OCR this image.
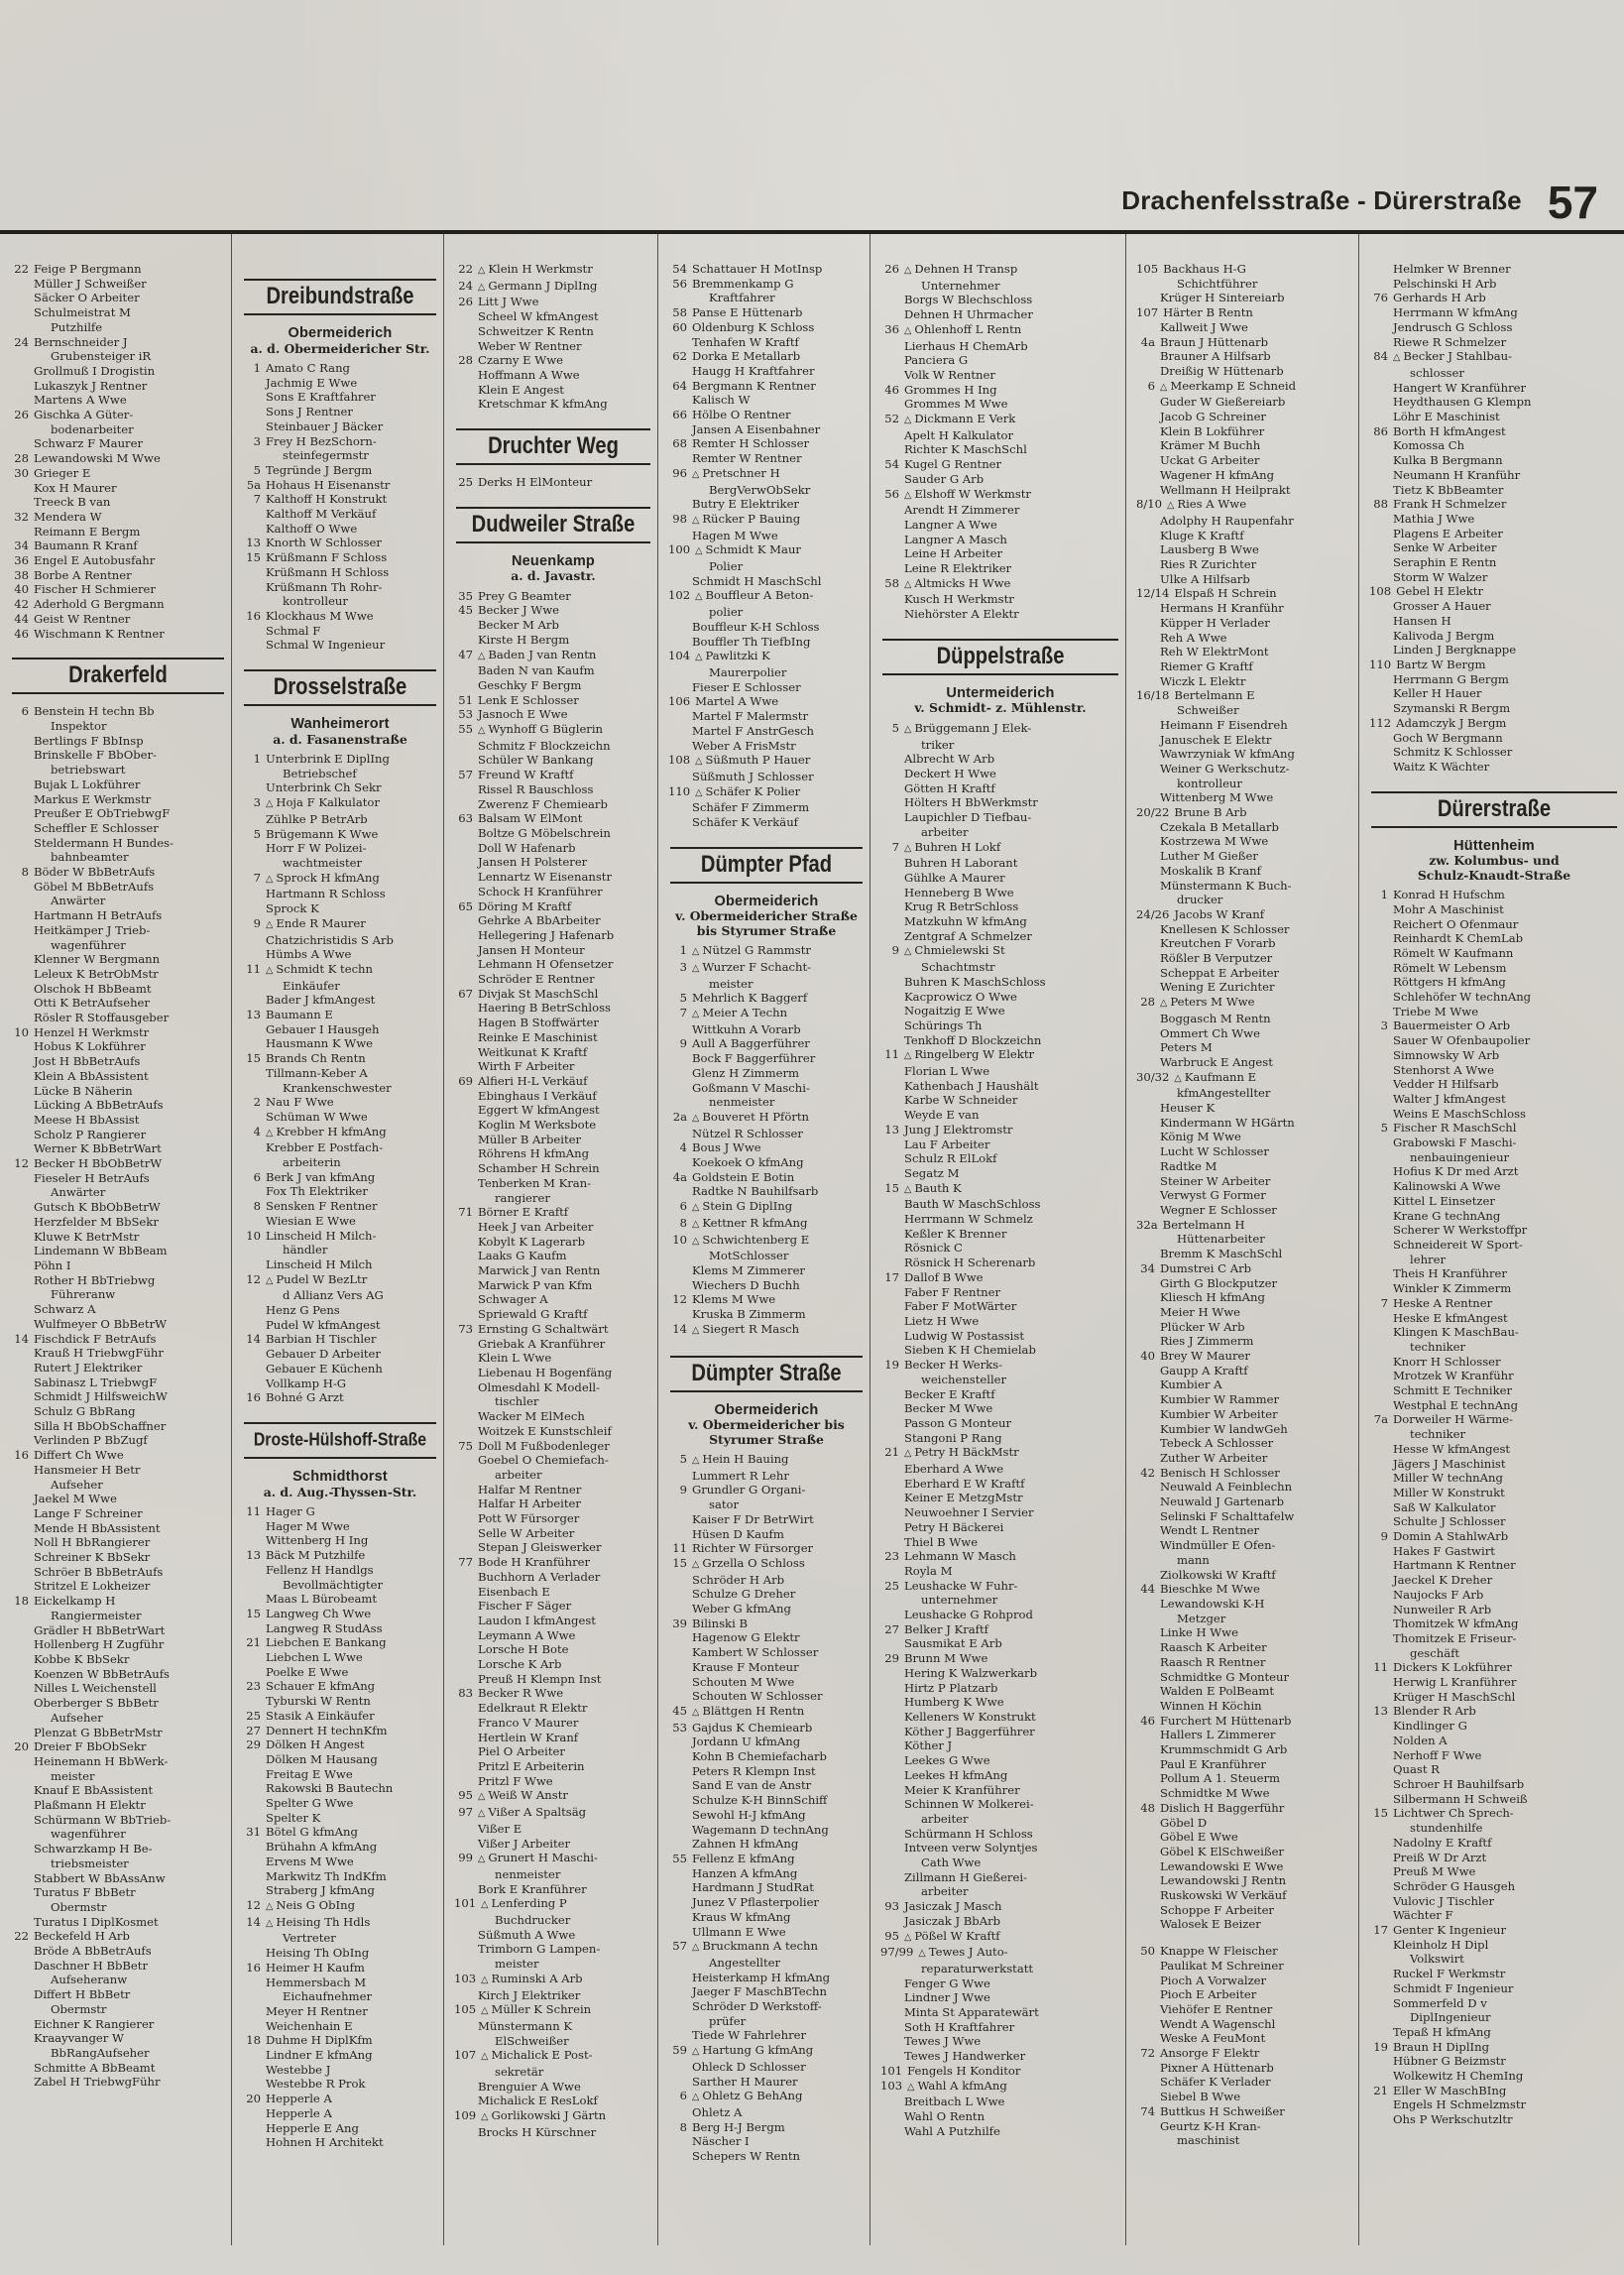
Drachenfelsstraße - Dürerstraße 57
22 Feige P Bergmann
Müller J Schweißer
Säcker O Arbeiter
Schulmeistrat M
Putzhilfe
24 Bernschneider J
Grubensteiger iR
Grollmuß I Drogistin
Lukaszyk J Rentner
Martens A Wwe
26 Gischka A Güter-
bodenarbeiter
Schwarz F Maurer
28 Lewandowski M Wwe
30 Grieger E
Kox H Maurer
Treeck B van
32 Mendera W
Reimann E Bergm
34 Baumann R Kranf
36 Engel E Autobusfahr
38 Borbe A Rentner
40 Fischer H Schmierer
42 Aderhold G Bergmann
44 Geist W Rentner
46 Wischmann K Rentner
Drakerfeld
6 Benstein H techn Bb
Inspektor
Bertlings F BbInsp
Brinskelle F BbOber-
betriebswart
Bujak L Lokführer
Markus E Werkmstr
Preußer E ObTriebwgF
Scheffler E Schlosser
Steldermann H Bundes-
bahnbeamter
8 Böder W BbBetrAufs
Göbel M BbBetrAufs
Anwärter
Hartmann H BetrAufs
Heitkämper J Trieb-
wagenführer
Klenner W Bergmann
Leleux K BetrObMstr
Olschok H BbBeamt
Otti K BetrAufseher
Rösler R Stoffausgeber
10 Henzel H Werkmstr
Hobus K Lokführer
Jost H BbBetrAufs
Klein A BbAssistent
Lücke B Näherin
Lücking A BbBetrAufs
Meese H BbAssist
Scholz P Rangierer
Werner K BbBetrWart
12 Becker H BbObBetrW
Fieseler H BetrAufs
Anwärter
Gutsch K BbObBetrW
Herzfelder M BbSekr
Kluwe K BetrMstr
Lindemann W BbBeam
Pöhn I
Rother H BbTriebwg
Führeranw
Schwarz A
Wulfmeyer O BbBetrW
14 Fischdick F BetrAufs
Krauß H TriebwgFühr
Rutert J Elektriker
Sabinasz L TriebwgF
Schmidt J HilfsweichW
Schulz G BbRang
Silla H BbObSchaffner
Verlinden P BbZugf
16 Differt Ch Wwe
Hansmeier H Betr
Aufseher
Jaekel M Wwe
Lange F Schreiner
Mende H BbAssistent
Noll H BbRangierer
Schreiner K BbSekr
Schröer B BbBetrAufs
Stritzel E Lokheizer
18 Eickelkamp H
Rangiermeister
Grädler H BbBetrWart
Hollenberg H Zugführ
Kobbe K BbSekr
Koenzen W BbBetrAufs
Nilles L Weichenstell
Oberberger S BbBetr
Aufseher
Plenzat G BbBetrMstr
20 Dreier F BbObSekr
Heinemann H BbWerk-
meister
Knauf E BbAssistent
Plaßmann H Elektr
Schürmann W BbTrieb-
wagenführer
Schwarzkamp H Be-
triebsmeister
Stabbert W BbAssAnw
Turatus F BbBetr
Obermstr
Turatus I DiplKosmet
22 Beckefeld H Arb
Bröde A BbBetrAufs
Daschner H BbBetr
Aufseheranw
Differt H BbBetr
Obermstr
Eichner K Rangierer
Kraayvanger W
BbRangAufseher
Schmitte A BbBeamt
Zabel H TriebwgFühr
Dreibundstraße
Obermeiderich
a. d. Obermeidericher Str.
1 Amato C Rang
Jachmig E Wwe
Sons E Kraftfahrer
Sons J Rentner
Steinbauer J Bäcker
3 Frey H BezSchorn-
steinfegermstr
5 Tegründe J Bergm
5a Hohaus H Eisenanstr
7 Kalthoff H Konstrukt
Kalthoff M Verkäuf
Kalthoff O Wwe
13 Knorth W Schlosser
15 Krüßmann F Schloss
Krüßmann H Schloss
Krüßmann Th Rohr-
kontrolleur
16 Klockhaus M Wwe
Schmal F
Schmal W Ingenieur
Drosselstraße
Wanheimerort
a. d. Fasanenstraße
1 Unterbrink E DiplIng
Betriebschef
Unterbrink Ch Sekr
3 △ Hoja F Kalkulator
Zühlke P BetrArb
5 Brügemann K Wwe
Horr F W Polizei-
wachtmeister
7 △ Sprock H kfmAng
Hartmann R Schloss
Sprock K
9 △ Ende R Maurer
Chatzichristidis S Arb
Hümbs A Wwe
11 △ Schmidt K techn
Einkäufer
Bader J kfmAngest
13 Baumann E
Gebauer I Hausgeh
Hausmann K Wwe
15 Brands Ch Rentn
Tillmann-Keber A
Krankenschwester
2 Nau F Wwe
Schüman W Wwe
4 △ Krebber H kfmAng
Krebber E Postfach-
arbeiterin
6 Berk J van kfmAng
Fox Th Elektriker
8 Sensken F Rentner
Wiesian E Wwe
10 Linscheid H Milch-
händler
Linscheid H Milch
12 △ Pudel W BezLtr
d Allianz Vers AG
Henz G Pens
Pudel W kfmAngest
14 Barbian H Tischler
Gebauer D Arbeiter
Gebauer E Küchenh
Vollkamp H-G
16 Bohné G Arzt
Droste-Hülshoff-Straße
Schmidthorst
a. d. Aug.-Thyssen-Str.
11 Hager G
Hager M Wwe
Wittenberg H Ing
13 Bäck M Putzhilfe
Fellenz H Handlgs
Bevollmächtigter
Maas L Bürobeamt
15 Langweg Ch Wwe
Langweg R StudAss
21 Liebchen E Bankang
Liebchen L Wwe
Poelke E Wwe
23 Schauer E kfmAng
Tyburski W Rentn
25 Stasik A Einkäufer
27 Dennert H technKfm
29 Dölken H Angest
Dölken M Hausang
Freitag E Wwe
Rakowski B Bautechn
Spelter G Wwe
Spelter K
31 Bötel G kfmAng
Brühahn A kfmAng
Ervens M Wwe
Markwitz Th IndKfm
Straberg J kfmAng
12 △ Neis G ObIng
14 △ Heising Th Hdls
Vertreter
Heising Th ObIng
16 Heimer H Kaufm
Hemmersbach M
Eichaufnehmer
Meyer H Rentner
Weichenhain E
18 Duhme H DiplKfm
Lindner E kfmAng
Westebbe J
Westebbe R Prok
20 Hepperle A
Hepperle A
Hepperle E Ang
Hohnen H Architekt
22 △ Klein H Werkmstr
24 △ Germann J DiplIng
26 Litt J Wwe
Scheel W kfmAngest
Schweitzer K Rentn
Weber W Rentner
28 Czarny E Wwe
Hoffmann A Wwe
Klein E Angest
Kretschmar K kfmAng
Druchter Weg
25 Derks H ElMonteur
Dudweiler Straße
Neuenkamp
a. d. Javastr.
35 Prey G Beamter
45 Becker J Wwe
Becker M Arb
Kirste H Bergm
47 △ Baden J van Rentn
Baden N van Kaufm
Geschky F Bergm
51 Lenk E Schlosser
53 Jasnoch E Wwe
55 △ Wynhoff G Büglerin
Schmitz F Blockzeichn
Schüler W Bankang
57 Freund W Kraftf
Rissel R Bauschloss
Zwerenz F Chemiearb
63 Balsam W ElMont
Boltze G Möbelschrein
Doll W Hafenarb
Jansen H Polsterer
Lennartz W Eisenanstr
Schock H Kranführer
65 Döring M Kraftf
Gehrke A BbArbeiter
Hellegering J Hafenarb
Jansen H Monteur
Lehmann H Ofensetzer
Schröder E Rentner
67 Divjak St MaschSchl
Haering B BetrSchloss
Hagen B Stoffwärter
Reinke E Maschinist
Weitkunat K Kraftf
Wirth F Arbeiter
69 Alfieri H-L Verkäuf
Ebinghaus I Verkäuf
Eggert W kfmAngest
Koglin M Werksbote
Müller B Arbeiter
Röhrens H kfmAng
Schamber H Schrein
Tenberken M Kran-
rangierer
71 Börner E Kraftf
Heek J van Arbeiter
Kobylt K Lagerarb
Laaks G Kaufm
Marwick J van Rentn
Marwick P van Kfm
Schwager A
Spriewald G Kraftf
73 Ernsting G Schaltwärt
Griebak A Kranführer
Klein L Wwe
Liebenau H Bogenfäng
Olmesdahl K Modell-
tischler
Wacker M ElMech
Woitzek E Kunstschleif
75 Doll M Fußbodenleger
Goebel O Chemiefach-
arbeiter
Halfar M Rentner
Halfar H Arbeiter
Pott W Fürsorger
Selle W Arbeiter
Stepan J Gleiswerker
77 Bode H Kranführer
Buchhorn A Verlader
Eisenbach E
Fischer F Säger
Laudon I kfmAngest
Leymann A Wwe
Lorsche H Bote
Lorsche K Arb
Preuß H Klempn Inst
83 Becker R Wwe
Edelkraut R Elektr
Franco V Maurer
Hertlein W Kranf
Piel O Arbeiter
Pritzl E Arbeiterin
Pritzl F Wwe
95 △ Weiß W Anstr
97 △ Vißer A Spaltsäg
Vißer E
Vißer J Arbeiter
99 △ Grunert H Maschi-
nenmeister
Bork E Kranführer
101 △ Lenferding P
Buchdrucker
Süßmuth A Wwe
Trimborn G Lampen-
meister
103 △ Ruminski A Arb
Kirch J Elektriker
105 △ Müller K Schrein
Münstermann K
ElSchweißer
107 △ Michalick E Post-
sekretär
Brenguier A Wwe
Michalick E ResLokf
109 △ Gorlikowski J Gärtn
Brocks H Kürschner
54 Schattauer H MotInsp
56 Bremmenkamp G
Kraftfahrer
58 Panse E Hüttenarb
60 Oldenburg K Schloss
Tenhafen W Kraftf
62 Dorka E Metallarb
Haugg H Kraftfahrer
64 Bergmann K Rentner
Kalisch W
66 Hölbe O Rentner
Jansen A Eisenbahner
68 Remter H Schlosser
Remter W Rentner
96 △ Pretschner H
BergVerwObSekr
Butry E Elektriker
98 △ Rücker P Bauing
Hagen M Wwe
100 △ Schmidt K Maur
Polier
Schmidt H MaschSchl
102 △ Bouffleur A Beton-
polier
Bouffleur K-H Schloss
Bouffler Th TiefbIng
104 △ Pawlitzki K
Maurerpolier
Fieser E Schlosser
106 Martel A Wwe
Martel F Malermstr
Martel F AnstrGesch
Weber A FrisMstr
108 △ Süßmuth P Hauer
Süßmuth J Schlosser
110 △ Schäfer K Polier
Schäfer F Zimmerm
Schäfer K Verkäuf
Dümpter Pfad
Obermeiderich
v. Obermeidericher Straße
bis Styrumer Straße
1 △ Nützel G Rammstr
3 △ Wurzer F Schacht-
meister
5 Mehrlich K Baggerf
7 △ Meier A Techn
Wittkuhn A Vorarb
9 Aull A Baggerführer
Bock F Baggerführer
Glenz H Zimmerm
Goßmann V Maschi-
nenmeister
2a △ Bouveret H Pförtn
Nützel R Schlosser
4 Bous J Wwe
Koekoek O kfmAng
4a Goldstein E Botin
Radtke N Bauhilfsarb
6 △ Stein G DiplIng
8 △ Kettner R kfmAng
10 △ Schwichtenberg E
MotSchlosser
Klems M Zimmerer
Wiechers D Buchh
12 Klems M Wwe
Kruska B Zimmerm
14 △ Siegert R Masch
Dümpter Straße
Obermeiderich
v. Obermeidericher bis
Styrumer Straße
5 △ Hein H Bauing
Lummert R Lehr
9 Grundler G Organi-
sator
Kaiser F Dr BetrWirt
Hüsen D Kaufm
11 Richter W Fürsorger
15 △ Grzella O Schloss
Schröder H Arb
Schulze G Dreher
Weber G kfmAng
39 Bilinski B
Hagenow G Elektr
Kambert W Schlosser
Krause F Monteur
Schouten M Wwe
Schouten W Schlosser
45 △ Blättgen H Rentn
53 Gajdus K Chemiearb
Jordann U kfmAng
Kohn B Chemiefacharb
Peters R Klempn Inst
Sand E van de Anstr
Schulze K-H BinnSchiff
Sewohl H-J kfmAng
Wagemann D technAng
Zahnen H kfmAng
55 Fellenz E kfmAng
Hanzen A kfmAng
Hardmann J StudRat
Junez V Pflasterpolier
Kraus W kfmAng
Ullmann E Wwe
57 △ Bruckmann A techn
Angestellter
Heisterkamp H kfmAng
Jaeger F MaschBTechn
Schröder D Werkstoff-
prüfer
Tiede W Fahrlehrer
59 △ Hartung G kfmAng
Ohleck D Schlosser
Sarther H Maurer
6 △ Ohletz G BehAng
Ohletz A
8 Berg H-J Bergm
Näscher I
Schepers W Rentn
26 △ Dehnen H Transp
Unternehmer
Borgs W Blechschloss
Dehnen H Uhrmacher
36 △ Ohlenhoff L Rentn
Lierhaus H ChemArb
Panciera G
Volk W Rentner
46 Grommes H Ing
Grommes M Wwe
52 △ Dickmann E Verk
Apelt H Kalkulator
Richter K MaschSchl
54 Kugel G Rentner
Sauder G Arb
56 △ Elshoff W Werkmstr
Arendt H Zimmerer
Langner A Wwe
Langner A Masch
Leine H Arbeiter
Leine R Elektriker
58 △ Altmicks H Wwe
Kusch H Werkmstr
Niehörster A Elektr
Düppelstraße
Untermeiderich
v. Schmidt- z. Mühlenstr.
5 △ Brüggemann J Elek-
triker
Albrecht W Arb
Deckert H Wwe
Götten H Kraftf
Hölters H BbWerkmstr
Laupichler D Tiefbau-
arbeiter
7 △ Buhren H Lokf
Buhren H Laborant
Gühlke A Maurer
Henneberg B Wwe
Krug R BetrSchloss
Matzkuhn W kfmAng
Zentgraf A Schmelzer
9 △ Chmielewski St
Schachtmstr
Buhren K MaschSchloss
Kacprowicz O Wwe
Nogaitzig E Wwe
Schürings Th
Tenkhoff D Blockzeichn
11 △ Ringelberg W Elektr
Florian L Wwe
Kathenbach J Haushält
Karbe W Schneider
Weyde E van
13 Jung J Elektromstr
Lau F Arbeiter
Schulz R ElLokf
Segatz M
15 △ Bauth K
Bauth W MaschSchloss
Herrmann W Schmelz
Keßler K Brenner
Rösnick C
Rösnick H Scherenarb
17 Dallof B Wwe
Faber F Rentner
Faber F MotWärter
Lietz H Wwe
Ludwig W Postassist
Sieben K H Chemielab
19 Becker H Werks-
weichensteller
Becker E Kraftf
Becker M Wwe
Passon G Monteur
Stangoni P Rang
21 △ Petry H BäckMstr
Eberhard A Wwe
Eberhard E W Kraftf
Keiner E MetzgMstr
Neuwoehner I Servier
Petry H Bäckerei
Thiel B Wwe
23 Lehmann W Masch
Royla M
25 Leushacke W Fuhr-
unternehmer
Leushacke G Rohprod
27 Belker J Kraftf
Sausmikat E Arb
29 Brunn M Wwe
Hering K Walzwerkarb
Hirtz P Platzarb
Humberg K Wwe
Kelleners W Konstrukt
Köther J Baggerführer
Köther J
Leekes G Wwe
Leekes H kfmAng
Meier K Kranführer
Schinnen W Molkerei-
arbeiter
Schürmann H Schloss
Intveen verw Solyntjes
Cath Wwe
Zillmann H Gießerei-
arbeiter
93 Jasiczak J Masch
Jasiczak J BbArb
95 △ Pößel W Kraftf
97/99 △ Tewes J Auto-
reparaturwerkstatt
Fenger G Wwe
Lindner J Wwe
Minta St Apparatewärt
Soth H Kraftfahrer
Tewes J Wwe
Tewes J Handwerker
101 Fengels H Konditor
103 △ Wahl A kfmAng
Breitbach L Wwe
Wahl O Rentn
Wahl A Putzhilfe
105 Backhaus H-G
Schichtführer
Krüger H Sintereiarb
107 Härter B Rentn
Kallweit J Wwe
4a Braun J Hüttenarb
Brauner A Hilfsarb
Dreißig W Hüttenarb
6 △ Meerkamp E Schneid
Guder W Gießereiarb
Jacob G Schreiner
Klein B Lokführer
Krämer M Buchh
Uckat G Arbeiter
Wagener H kfmAng
Wellmann H Heilprakt
8/10 △ Ries A Wwe
Adolphy H Raupenfahr
Kluge K Kraftf
Lausberg B Wwe
Ries R Zurichter
Ulke A Hilfsarb
12/14 Elspaß H Schrein
Hermans H Kranführ
Küpper H Verlader
Reh A Wwe
Reh W ElektrMont
Riemer G Kraftf
Wiczk L Elektr
16/18 Bertelmann E
Schweißer
Heimann F Eisendreh
Januschek E Elektr
Wawrzyniak W kfmAng
Weiner G Werkschutz-
kontrolleur
Wittenberg M Wwe
20/22 Brune B Arb
Czekala B Metallarb
Kostrzewa M Wwe
Luther M Gießer
Moskalik B Kranf
Münstermann K Buch-
drucker
24/26 Jacobs W Kranf
Knellesen K Schlosser
Kreutchen F Vorarb
Rößler B Verputzer
Scheppat E Arbeiter
Wening E Zurichter
28 △ Peters M Wwe
Boggasch M Rentn
Ommert Ch Wwe
Peters M
Warbruck E Angest
30/32 △ Kaufmann E
kfmAngestellter
Heuser K
Kindermann W HGärtn
König M Wwe
Lucht W Schlosser
Radtke M
Steiner W Arbeiter
Verwyst G Former
Wegner E Schlosser
32a Bertelmann H
Hüttenarbeiter
Bremm K MaschSchl
34 Dumstrei C Arb
Girth G Blockputzer
Kliesch H kfmAng
Meier H Wwe
Plücker W Arb
Ries J Zimmerm
40 Brey W Maurer
Gaupp A Kraftf
Kumbier A
Kumbier W Rammer
Kumbier W Arbeiter
Kumbier W landwGeh
Tebeck A Schlosser
Zuther W Arbeiter
42 Benisch H Schlosser
Neuwald A Feinblechn
Neuwald J Gartenarb
Selinski F Schalttafelw
Wendt L Rentner
Windmüller E Ofen-
mann
Ziolkowski W Kraftf
44 Bieschke M Wwe
Lewandowski K-H
Metzger
Linke H Wwe
Raasch K Arbeiter
Raasch R Rentner
Schmidtke G Monteur
Walden E PolBeamt
Winnen H Köchin
46 Furchert M Hüttenarb
Hallers L Zimmerer
Krummschmidt G Arb
Paul E Kranführer
Pollum A 1. Steuerm
Schmidtke M Wwe
48 Dislich H Baggerführ
Göbel D
Göbel E Wwe
Göbel K ElSchweißer
Lewandowski E Wwe
Lewandowski J Rentn
Ruskowski W Verkäuf
Schoppe F Arbeiter
Walosek E Beizer
50 Knappe W Fleischer
Paulikat M Schreiner
Pioch A Vorwalzer
Pioch E Arbeiter
Viehöfer E Rentner
Wendt A Wagenschl
Weske A FeuMont
72 Ansorge F Elektr
Pixner A Hüttenarb
Schäfer K Verlader
Siebel B Wwe
74 Buttkus H Schweißer
Geurtz K-H Kran-
maschinist
Helmker W Brenner
Pelschinski H Arb
76 Gerhards H Arb
Herrmann W kfmAng
Jendrusch G Schloss
Riewe R Schmelzer
84 △ Becker J Stahlbau-
schlosser
Hangert W Kranführer
Heydthausen G Klempn
Löhr E Maschinist
86 Borth H kfmAngest
Komossa Ch
Kulka B Bergmann
Neumann H Kranführ
Tietz K BbBeamter
88 Frank H Schmelzer
Mathia J Wwe
Plagens E Arbeiter
Senke W Arbeiter
Seraphin E Rentn
Storm W Walzer
108 Gebel H Elektr
Grosser A Hauer
Hansen H
Kalivoda J Bergm
Linden J Bergknappe
110 Bartz W Bergm
Herrmann G Bergm
Keller H Hauer
Szymanski R Bergm
112 Adamczyk J Bergm
Goch W Bergmann
Schmitz K Schlosser
Waitz K Wächter
Dürerstraße
Hüttenheim
zw. Kolumbus- und
Schulz-Knaudt-Straße
1 Konrad H Hufschm
Mohr A Maschinist
Reichert O Ofenmaur
Reinhardt K ChemLab
Römelt W Kaufmann
Römelt W Lebensm
Röttgers H kfmAng
Schlehöfer W technAng
Triebe M Wwe
3 Bauermeister O Arb
Sauer W Ofenbaupolier
Simnowsky W Arb
Stenhorst A Wwe
Vedder H Hilfsarb
Walter J kfmAngest
Weins E MaschSchloss
5 Fischer R MaschSchl
Grabowski F Maschi-
nenbauingenieur
Hofius K Dr med Arzt
Kalinowski A Wwe
Kittel L Einsetzer
Krane G technAng
Scherer W Werkstoffpr
Schneidereit W Sport-
lehrer
Theis H Kranführer
Winkler K Zimmerm
7 Heske A Rentner
Heske E kfmAngest
Klingen K MaschBau-
techniker
Knorr H Schlosser
Mrotzek W Kranführ
Schmitt E Techniker
Westphal E technAng
7a Dorweiler H Wärme-
techniker
Hesse W kfmAngest
Jägers J Maschinist
Miller W technAng
Miller W Konstrukt
Saß W Kalkulator
Schulte J Schlosser
9 Domin A StahlwArb
Hakes F Gastwirt
Hartmann K Rentner
Jaeckel K Dreher
Naujocks F Arb
Nunweiler R Arb
Thomitzek W kfmAng
Thomitzek E Friseur-
geschäft
11 Dickers K Lokführer
Herwig L Kranführer
Krüger H MaschSchl
13 Blender R Arb
Kindlinger G
Nolden A
Nerhoff F Wwe
Quast R
Schroer H Bauhilfsarb
Silbermann H Schweiß
15 Lichtwer Ch Sprech-
stundenhilfe
Nadolny E Kraftf
Preiß W Dr Arzt
Preuß M Wwe
Schröder G Hausgeh
Vulovic J Tischler
Wächter F
17 Genter K Ingenieur
Kleinholz H Dipl
Volkswirt
Ruckel F Werkmstr
Schmidt F Ingenieur
Sommerfeld D v
DiplIngenieur
Tepaß H kfmAng
19 Braun H DiplIng
Hübner G Beizmstr
Wolkewitz H ChemIng
21 Eller W MaschBIng
Engels H Schmelzmstr
Ohs P Werkschutzltr
